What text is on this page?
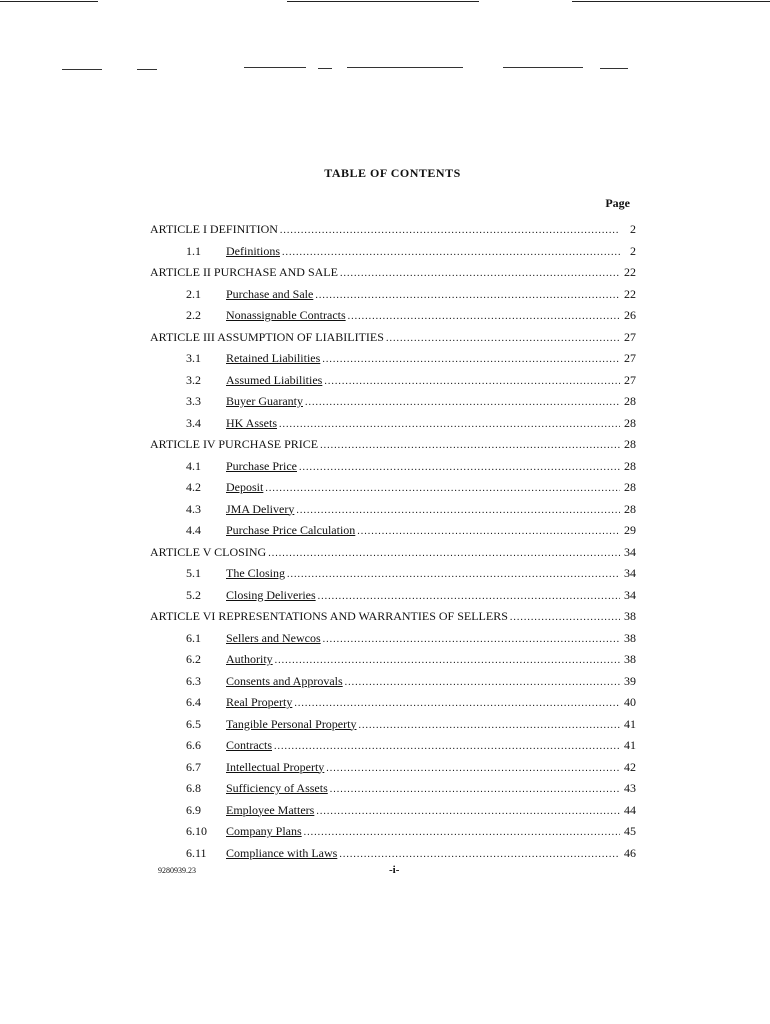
TABLE OF CONTENTS
Page
ARTICLE I DEFINITION .....	2
1.1	Definitions .....	2
ARTICLE II PURCHASE AND SALE .....	22
2.1	Purchase and Sale .....	22
2.2	Nonassignable Contracts .....	26
ARTICLE III ASSUMPTION OF LIABILITIES .....	27
3.1	Retained Liabilities .....	27
3.2	Assumed Liabilities .....	27
3.3	Buyer Guaranty .....	28
3.4	HK Assets .....	28
ARTICLE IV PURCHASE PRICE .....	28
4.1	Purchase Price .....	28
4.2	Deposit .....	28
4.3	JMA Delivery .....	28
4.4	Purchase Price Calculation .....	29
ARTICLE V CLOSING .....	34
5.1	The Closing .....	34
5.2	Closing Deliveries .....	34
ARTICLE VI REPRESENTATIONS AND WARRANTIES OF SELLERS .....	38
6.1	Sellers and Newcos .....	38
6.2	Authority .....	38
6.3	Consents and Approvals .....	39
6.4	Real Property .....	40
6.5	Tangible Personal Property .....	41
6.6	Contracts .....	41
6.7	Intellectual Property .....	42
6.8	Sufficiency of Assets .....	43
6.9	Employee Matters .....	44
6.10	Company Plans .....	45
6.11	Compliance with Laws .....	46
9280939.23	-i-
